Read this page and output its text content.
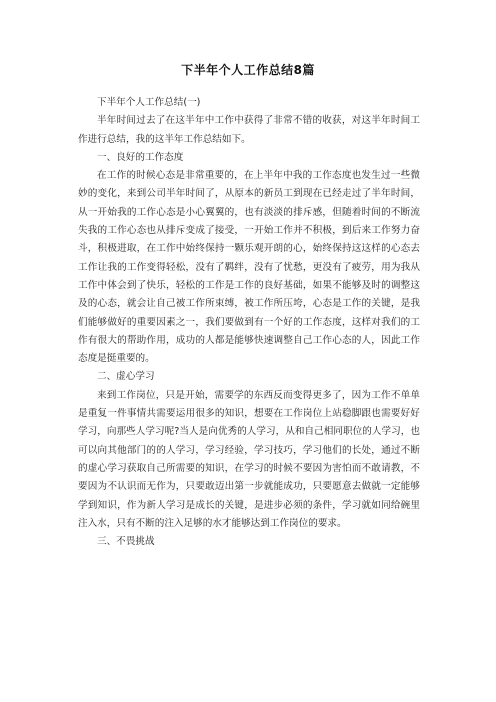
下半年个人工作总结8篇

下半年个人工作总结(一)

半年时间过去了在这半年中工作中获得了非常不错的收获，对这半年时间工作进行总结，我的这半年工作总结如下。

一、良好的工作态度

在工作的时候心态是非常重要的，在上半年中我的工作态度也发生过一些微妙的变化，来到公司半年时间了，从原本的新员工到现在已经走过了半年时间，从一开始我的工作心态是小心翼翼的，也有淡淡的排斥感，但随着时间的不断流失我的工作心态也从排斥变成了接受，一开始工作并不积极，到后来工作努力奋斗，积极进取，在工作中始终保持一颗乐观开朗的心，始终保持这这样的心态去工作让我的工作变得轻松，没有了羁绊，没有了忧愁，更没有了疲劳，用为我从工作中体会到了快乐，轻松的工作是工作的良好基础，如果不能够及时的调整这及的心态，就会让自己被工作所束缚，被工作所压垮，心态是工作的关键，是我们能够做好的重要因素之一，我们要做到有一个好的工作态度，这样对我们的工作有很大的帮助作用，成功的人都是能够快速调整自己工作心态的人，因此工作态度是挺重要的。

二、虚心学习

来到工作岗位，只是开始，需要学的东西反而变得更多了，因为工作不单单是重复一件事情共需要运用很多的知识，想要在工作岗位上站稳脚跟也需要好好学习，向那些人学习呢?当人是向优秀的人学习，从和自己相同职位的人学习，也可以向其他部门的的人学习，学习经验，学习技巧，学习他们的长处，通过不断的虚心学习获取自己所需要的知识，在学习的时候不要因为害怕而不敢请教，不要因为不认识而无作为，只要敢迈出第一步就能成功，只要愿意去做就一定能够学到知识，作为新人学习是成长的关键，是进步必须的条件，学习就如同给碗里注入水，只有不断的注入足够的水才能够达到工作岗位的要求。

三、不畏挑战
